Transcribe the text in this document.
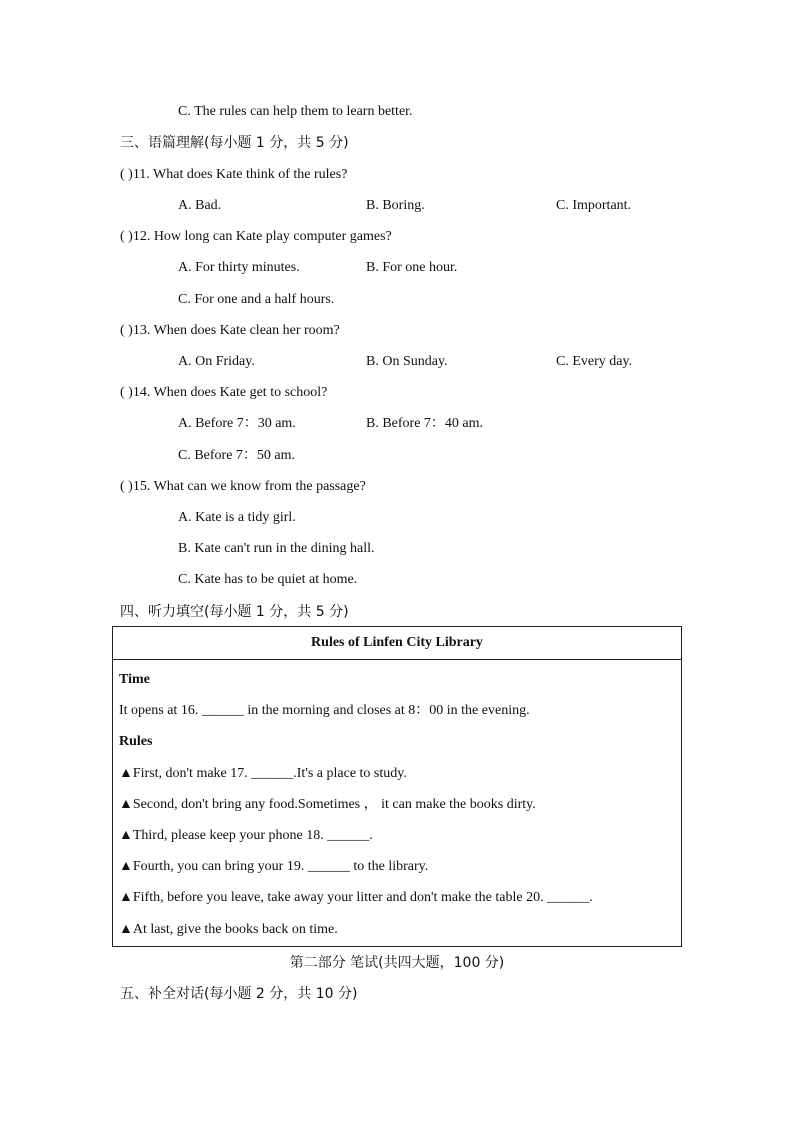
C. The rules can help them to learn better.
三、语篇理解(每小题 1 分，共 5 分)
( )11. What does Kate think of the rules?
A. Bad.	B. Boring.	C. Important.
( )12. How long can Kate play computer games?
A. For thirty minutes.	B. For one hour.
C. For one and a half hours.
( )13. When does Kate clean her room?
A. On Friday.	B. On Sunday.	C. Every day.
( )14. When does Kate get to school?
A. Before 7：30 am.	B. Before 7：40 am.
C. Before 7：50 am.
( )15. What can we know from the passage?
A. Kate is a tidy girl.
B. Kate can't run in the dining hall.
C. Kate has to be quiet at home.
四、听力填空(每小题 1 分，共 5 分)
Rules of Linfen City Library

Time
It opens at 16. ______ in the morning and closes at 8：00 in the evening.
Rules
▲First, don't make 17. ______.It's a place to study.
▲Second, don't bring any food.Sometimes ， it can make the books dirty.
▲Third, please keep your phone 18. ______.
▲Fourth, you can bring your 19. ______ to the library.
▲Fifth, before you leave, take away your litter and don't make the table 20. ______.
▲At last, give the books back on time.
第二部分 笔试(共四大题，100 分)
五、补全对话(每小题 2 分，共 10 分)
